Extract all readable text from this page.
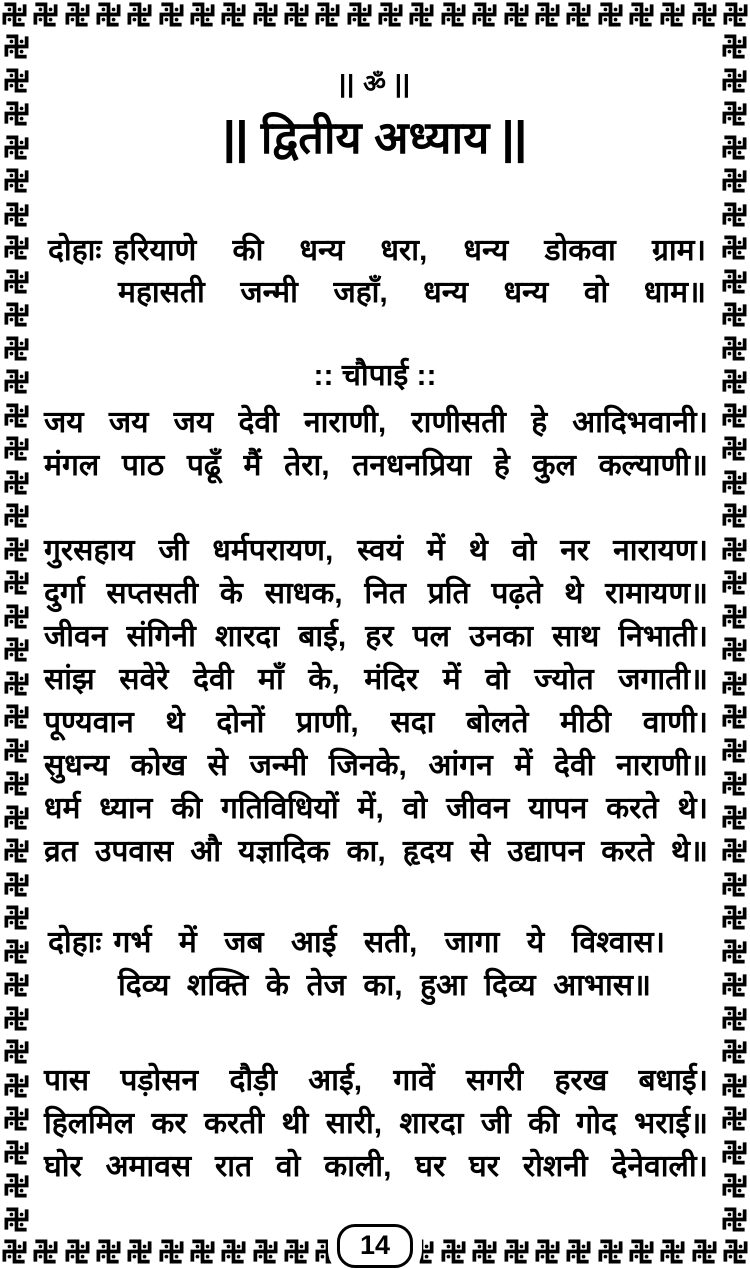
|| ॐ ||
|| द्वितीय अध्याय ||
दोहाः हरियाणे की धन्य धरा, धन्य डोकवा ग्राम।
महासती जन्मी जहाँ, धन्य धन्य वो धाम॥
:: चौपाई ::
जय जय जय देवी नाराणी, राणीसती हे आदिभवानी।
मंगल पाठ पढूँ मैं तेरा, तनधनप्रिया हे कुल कल्याणी॥
गुरसहाय जी धर्मपरायण, स्वयं में थे वो नर नारायण।
दुर्गा सप्तसती के साधक, नित प्रति पढ़ते थे रामायण॥
जीवन संगिनी शारदा बाई, हर पल उनका साथ निभाती।
सांझ सवेरे देवी माँ के, मंदिर में वो ज्योत जगाती॥
पूण्यवान थे दोनों प्राणी, सदा बोलते मीठी वाणी।
सुधन्य कोख से जन्मी जिनके, आंगन में देवी नाराणी॥
धर्म ध्यान की गतिविधियों में, वो जीवन यापन करते थे।
व्रत उपवास औ यज्ञादिक का, हृदय से उद्यापन करते थे॥
दोहाः गर्भ में जब आई सती, जागा ये विश्वास।
दिव्य शक्ति के तेज का, हुआ दिव्य आभास॥
पास पड़ोसन दौड़ी आई, गावें सगरी हरख बधाई।
हिलमिल कर करती थी सारी, शारदा जी की गोद भराई॥
घोर अमावस रात वो काली, घर घर रोशनी देनेवाली।
14
